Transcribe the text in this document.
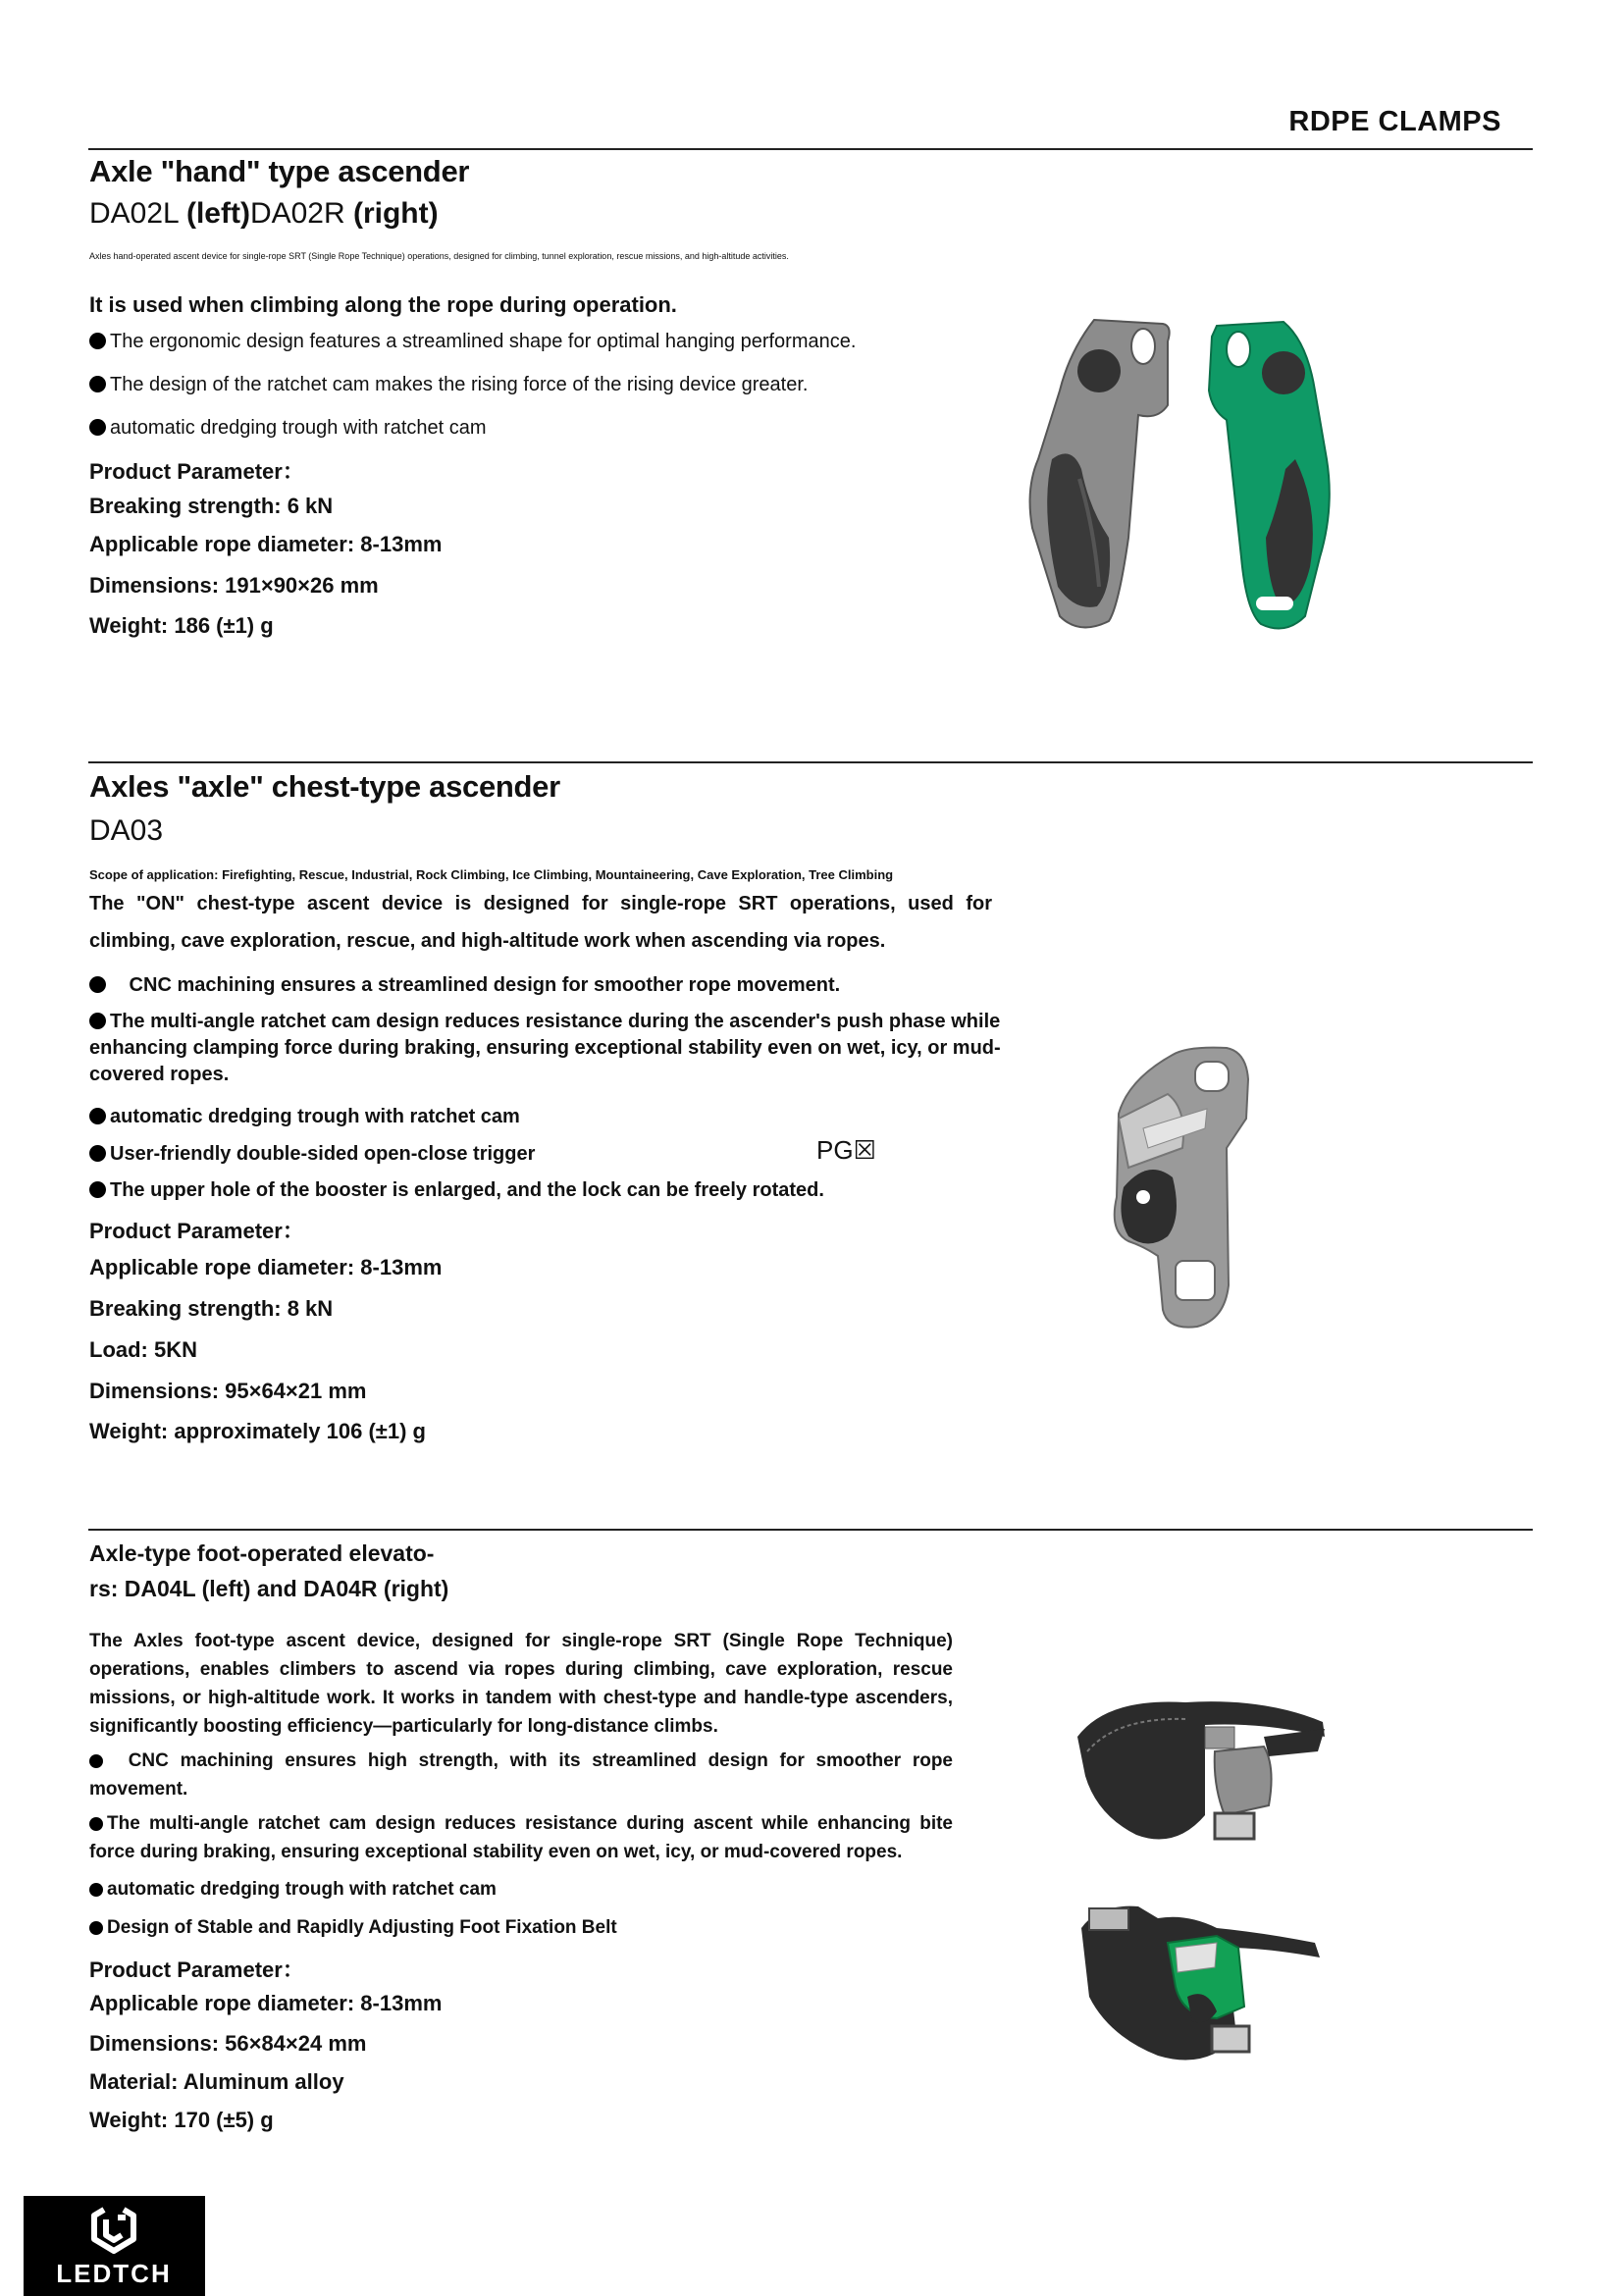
RDPE CLAMPS
Axle "hand" type ascender
DA02L (left)DA02R (right)
Axles hand-operated ascent device for single-rope SRT (Single Rope Technique) operations, designed for climbing, tunnel exploration, rescue missions, and high-altitude activities.
It is used when climbing along the rope during operation.
The ergonomic design features a streamlined shape for optimal hanging performance.
The design of the ratchet cam makes the rising force of the rising device greater.
automatic dredging trough with ratchet cam
Product Parameter：
Breaking strength: 6 kN
Applicable rope diameter: 8-13mm
Dimensions: 191×90×26 mm
Weight: 186 (±1) g
Axles "axle" chest-type ascender
DA03
Scope of application: Firefighting, Rescue, Industrial, Rock Climbing, Ice Climbing, Mountaineering, Cave Exploration, Tree Climbing
The "ON" chest-type ascent device is designed for single-rope SRT operations, used for
climbing, cave exploration, rescue, and high-altitude work when ascending via ropes.
CNC machining ensures a streamlined design for smoother rope movement.
The multi-angle ratchet cam design reduces resistance during the ascender's push phase while enhancing clamping force during braking, ensuring exceptional stability even on wet, icy, or mud-covered ropes.
automatic dredging trough with ratchet cam
User-friendly double-sided open-close trigger	PG☒
The upper hole of the booster is enlarged, and the lock can be freely rotated.
Product Parameter：
Applicable rope diameter: 8-13mm
Breaking strength: 8 kN
Load: 5KN
Dimensions: 95×64×21 mm
Weight: approximately 106 (±1) g
Axle-type foot-operated elevato-
rs: DA04L (left) and DA04R (right)
The Axles foot-type ascent device, designed for single-rope SRT (Single Rope Technique) operations, enables climbers to ascend via ropes during climbing, cave exploration, rescue missions, or high-altitude work. It works in tandem with chest-type and handle-type ascenders, significantly boosting efficiency—particularly for long-distance climbs.
CNC machining ensures high strength, with its streamlined design for smoother rope movement.
The multi-angle ratchet cam design reduces resistance during ascent while enhancing bite force during braking, ensuring exceptional stability even on wet, icy, or mud-covered ropes.
automatic dredging trough with ratchet cam
Design of Stable and Rapidly Adjusting Foot Fixation Belt
Product Parameter：
Applicable rope diameter: 8-13mm
Dimensions: 56×84×24 mm
Material: Aluminum alloy
Weight: 170 (±5) g
LEDTCH
